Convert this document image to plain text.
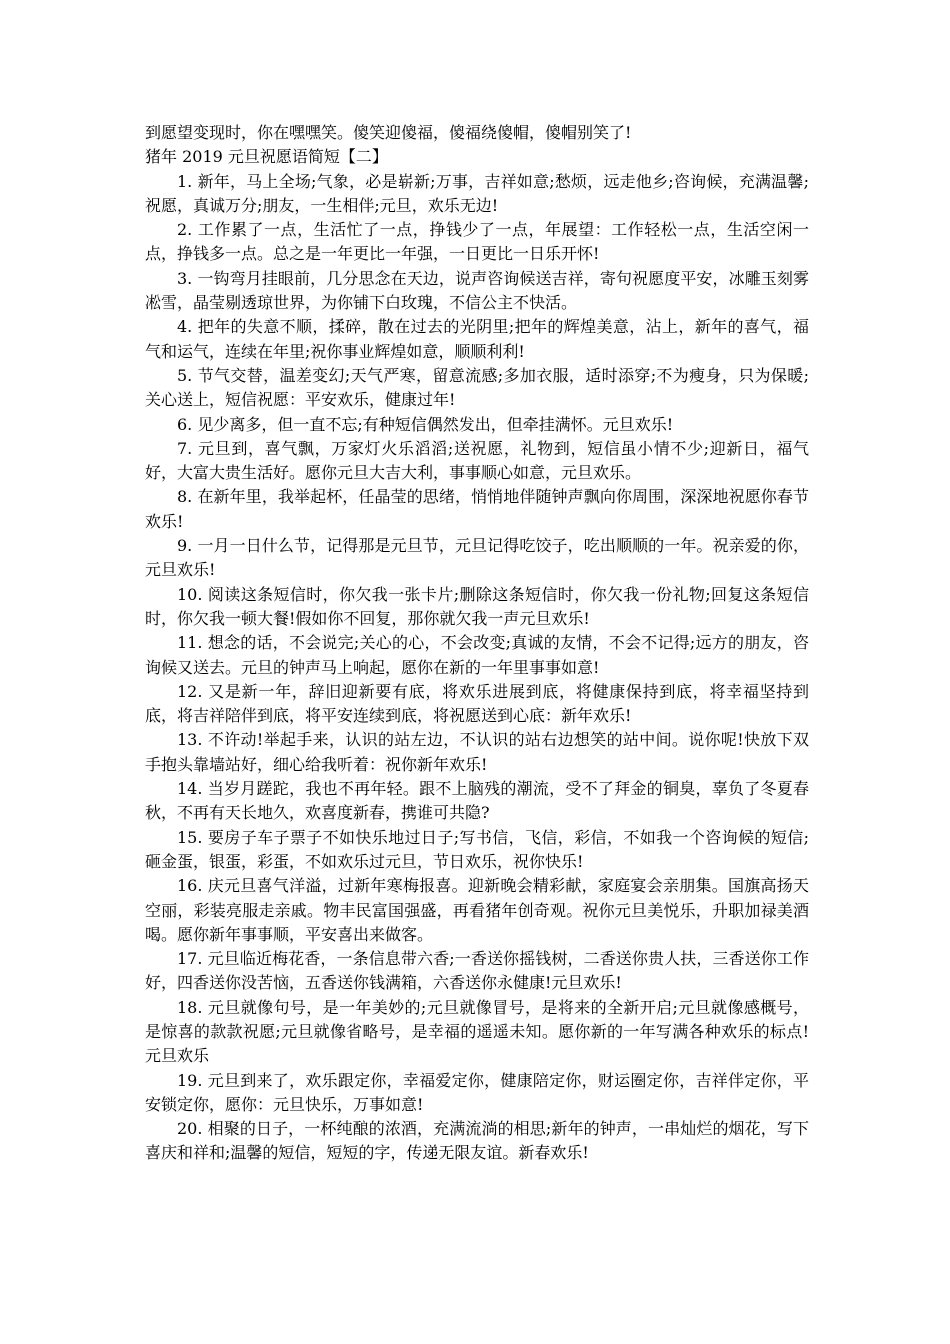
到愿望变现时，你在嘿嘿笑。傻笑迎傻福，傻福绕傻帽，傻帽别笑了!

猪年 2019 元旦祝愿语简短【二】

1. 新年，马上全场;气象，必是崭新;万事，吉祥如意;愁烦，远走他乡;咨询候，充满温馨;祝愿，真诚万分;朋友，一生相伴;元旦，欢乐无边!

2. 工作累了一点，生活忙了一点，挣钱少了一点，年展望：工作轻松一点，生活空闲一点，挣钱多一点。总之是一年更比一年强，一日更比一日乐开怀!

3. 一钩弯月挂眼前，几分思念在天边，说声咨询候送吉祥，寄句祝愿度平安，冰雕玉刻雾凇雪，晶莹剔透琼世界，为你铺下白玫瑰，不信公主不快活。

4. 把年的失意不顺，揉碎，散在过去的光阴里;把年的辉煌美意，沾上，新年的喜气，福气和运气，连续在年里;祝你事业辉煌如意，顺顺利利!

5. 节气交替，温差变幻;天气严寒，留意流感;多加衣服，适时添穿;不为瘦身，只为保暖;关心送上，短信祝愿：平安欢乐，健康过年!

6. 见少离多，但一直不忘;有种短信偶然发出，但牵挂满怀。元旦欢乐!

7. 元旦到，喜气飘，万家灯火乐滔滔;送祝愿，礼物到，短信虽小情不少;迎新日，福气好，大富大贵生活好。愿你元旦大吉大利，事事顺心如意，元旦欢乐。

8. 在新年里，我举起杯，任晶莹的思绪，悄悄地伴随钟声飘向你周围，深深地祝愿你春节欢乐!

9. 一月一日什么节，记得那是元旦节，元旦记得吃饺子，吃出顺顺的一年。祝亲爱的你，元旦欢乐!

10. 阅读这条短信时，你欠我一张卡片;删除这条短信时，你欠我一份礼物;回复这条短信时，你欠我一顿大餐!假如你不回复，那你就欠我一声元旦欢乐!

11. 想念的话，不会说完;关心的心，不会改变;真诚的友情，不会不记得;远方的朋友，咨询候又送去。元旦的钟声马上响起，愿你在新的一年里事事如意!

12. 又是新一年，辞旧迎新要有底，将欢乐进展到底，将健康保持到底，将幸福坚持到底，将吉祥陪伴到底，将平安连续到底，将祝愿送到心底：新年欢乐!

13. 不许动!举起手来，认识的站左边，不认识的站右边想笑的站中间。说你呢!快放下双手抱头靠墙站好，细心给我听着：祝你新年欢乐!

14. 当岁月蹉跎，我也不再年轻。跟不上脑残的潮流，受不了拜金的铜臭，辜负了冬夏春秋，不再有天长地久，欢喜度新春，携谁可共隐?

15. 要房子车子票子不如快乐地过日子;写书信，飞信，彩信，不如我一个咨询候的短信;砸金蛋，银蛋，彩蛋，不如欢乐过元旦，节日欢乐，祝你快乐!

16. 庆元旦喜气洋溢，过新年寒梅报喜。迎新晚会精彩献，家庭宴会亲朋集。国旗高扬天空丽，彩装亮服走亲戚。物丰民富国强盛，再看猪年创奇观。祝你元旦美悦乐，升职加禄美酒喝。愿你新年事事顺，平安喜出来做客。

17. 元旦临近梅花香，一条信息带六香;一香送你摇钱树，二香送你贵人扶，三香送你工作好，四香送你没苦恼，五香送你钱满箱，六香送你永健康!元旦欢乐!

18. 元旦就像句号，是一年美妙的;元旦就像冒号，是将来的全新开启;元旦就像感概号，是惊喜的款款祝愿;元旦就像省略号，是幸福的遥遥未知。愿你新的一年写满各种欢乐的标点!元旦欢乐

19. 元旦到来了，欢乐跟定你，幸福爱定你，健康陪定你，财运圈定你，吉祥伴定你，平安锁定你，愿你：元旦快乐，万事如意!

20. 相聚的日子，一杯纯酿的浓酒，充满流淌的相思;新年的钟声，一串灿烂的烟花，写下喜庆和祥和;温馨的短信，短短的字，传递无限友谊。新春欢乐!
